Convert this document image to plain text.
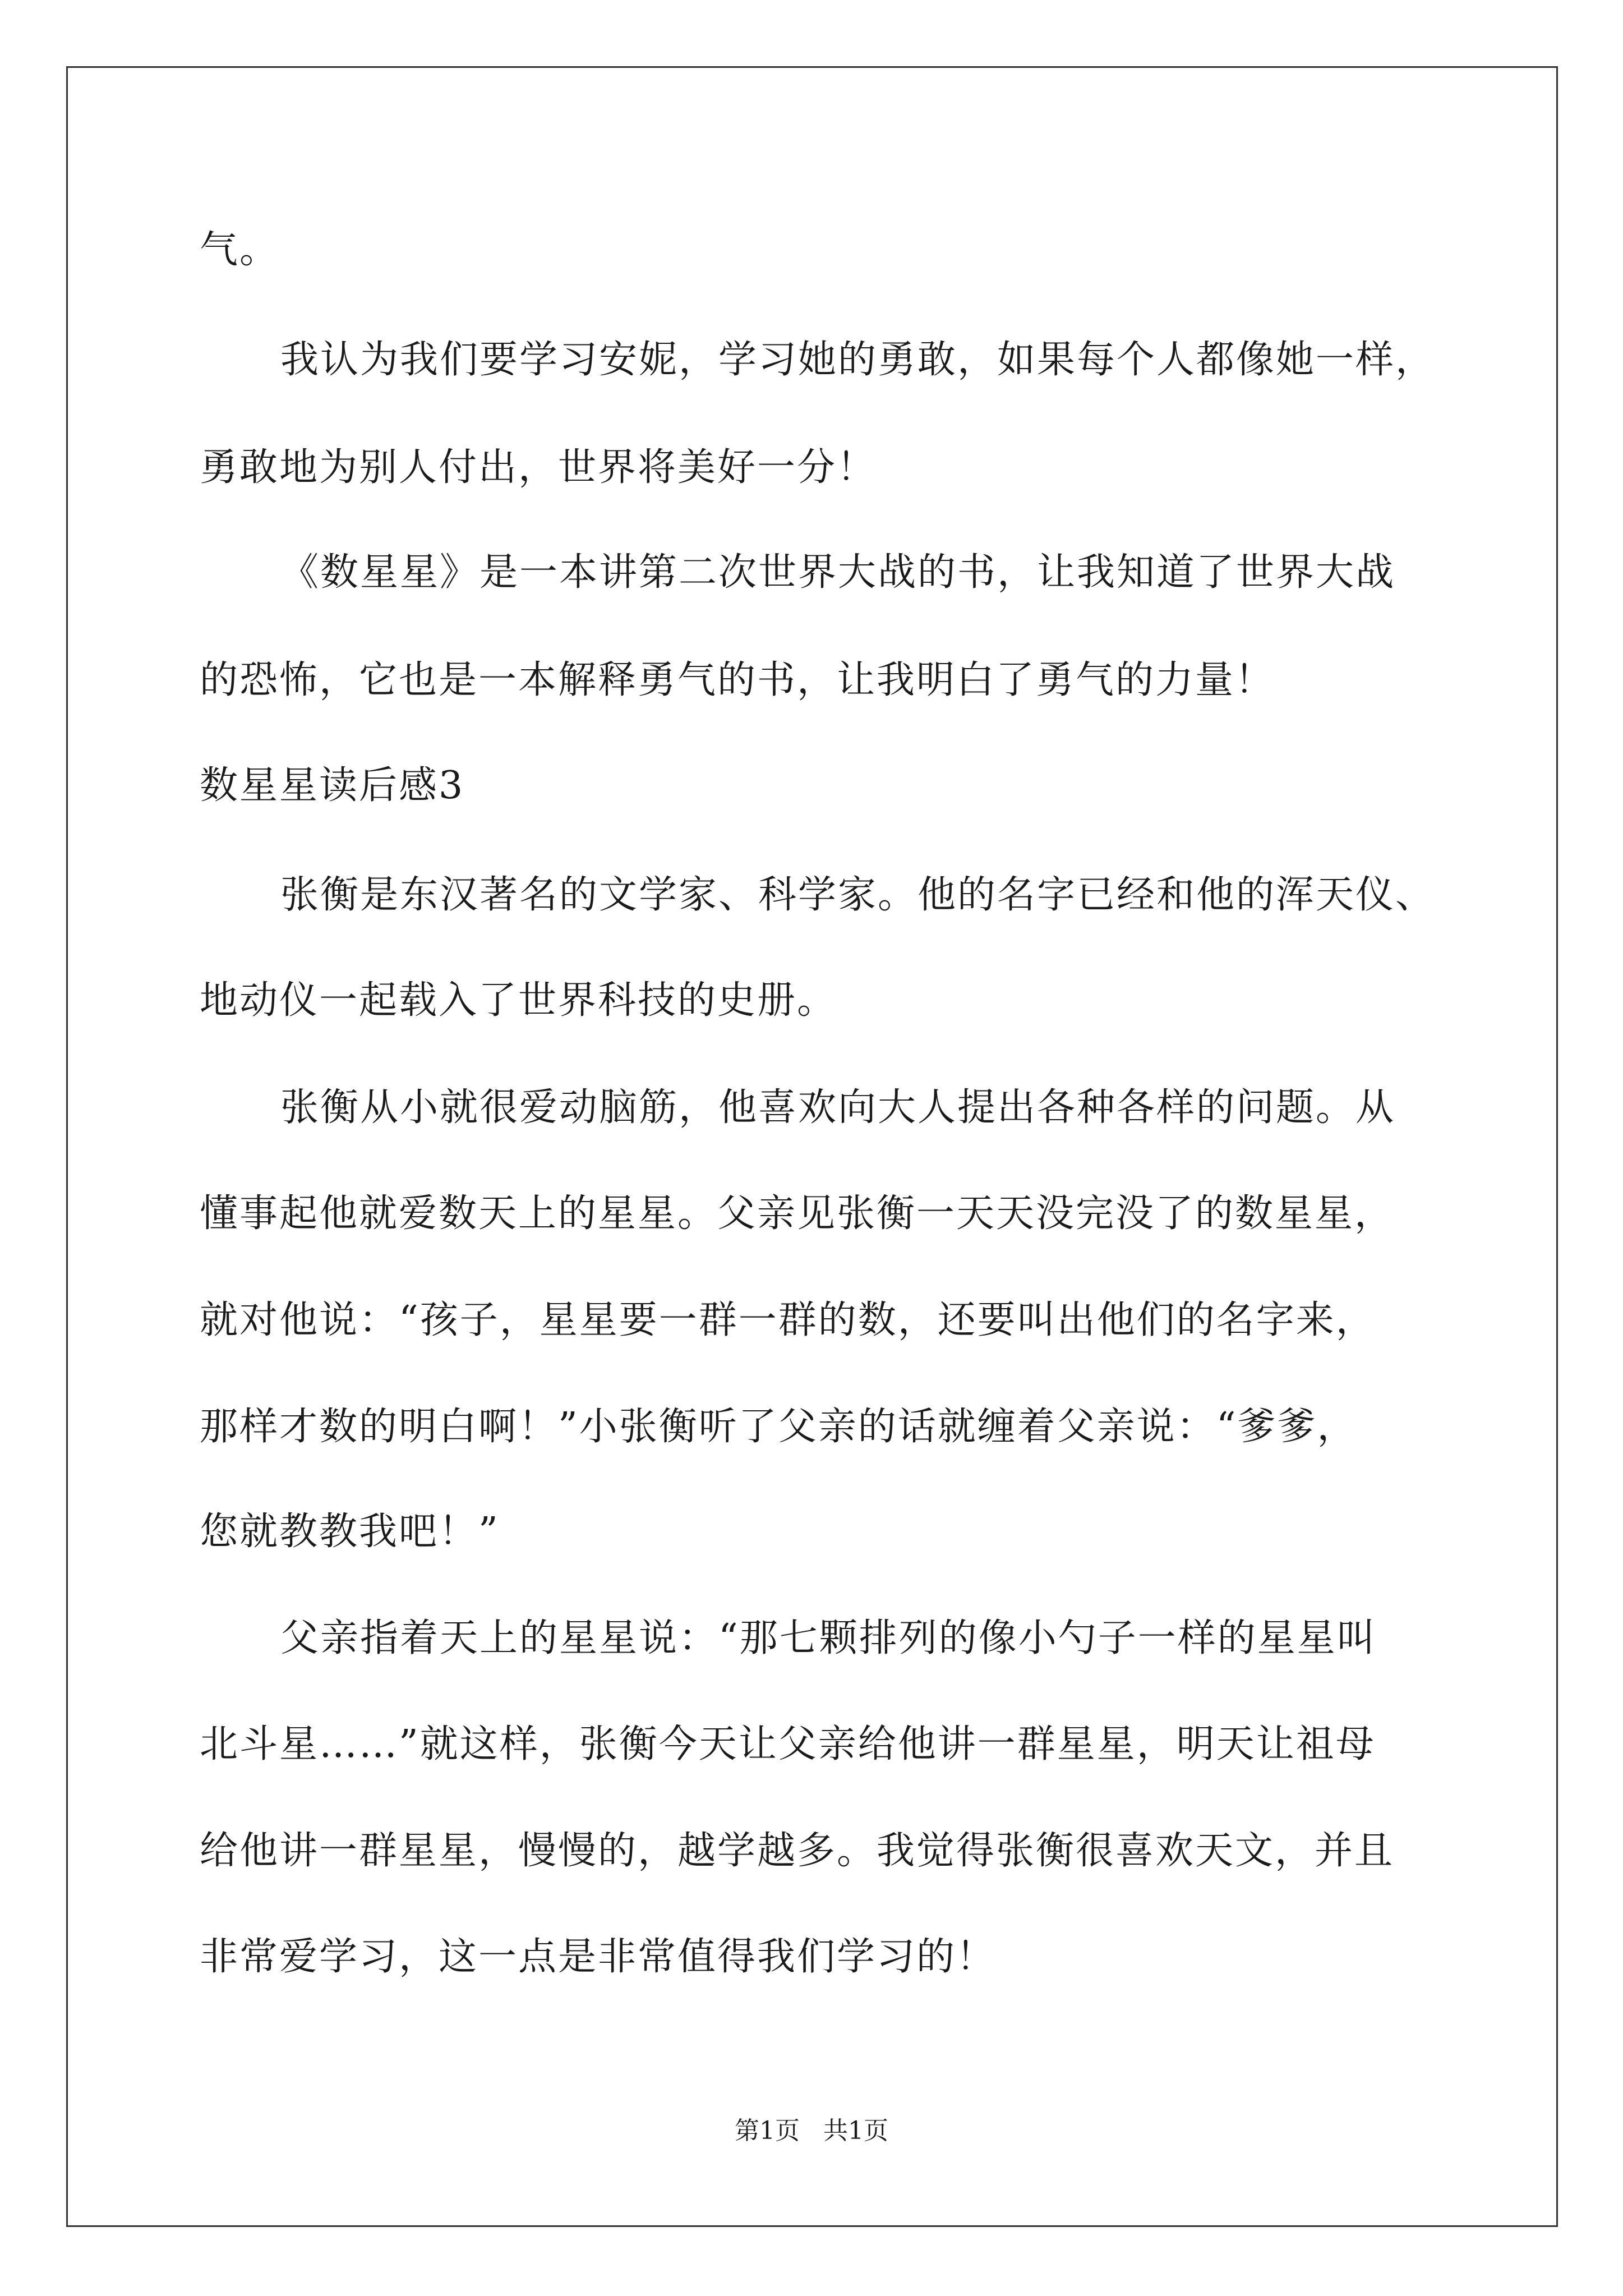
气。
我认为我们要学习安妮，学习她的勇敢，如果每个人都像她一样，
勇敢地为别人付出，世界将美好一分！
《数星星》是一本讲第二次世界大战的书，让我知道了世界大战
的恐怖，它也是一本解释勇气的书，让我明白了勇气的力量！
数星星读后感3
张衡是东汉著名的文学家、科学家。他的名字已经和他的浑天仪、
地动仪一起载入了世界科技的史册。
张衡从小就很爱动脑筋，他喜欢向大人提出各种各样的问题。从
懂事起他就爱数天上的星星。父亲见张衡一天天没完没了的数星星，
就对他说：“孩子，星星要一群一群的数，还要叫出他们的名字来，
那样才数的明白啊！”小张衡听了父亲的话就缠着父亲说：“爹爹，
您就教教我吧！”
父亲指着天上的星星说：“那七颗排列的像小勺子一样的星星叫
北斗星……”就这样，张衡今天让父亲给他讲一群星星，明天让祖母
给他讲一群星星，慢慢的，越学越多。我觉得张衡很喜欢天文，并且
非常爱学习，这一点是非常值得我们学习的！
第1页   共1页
